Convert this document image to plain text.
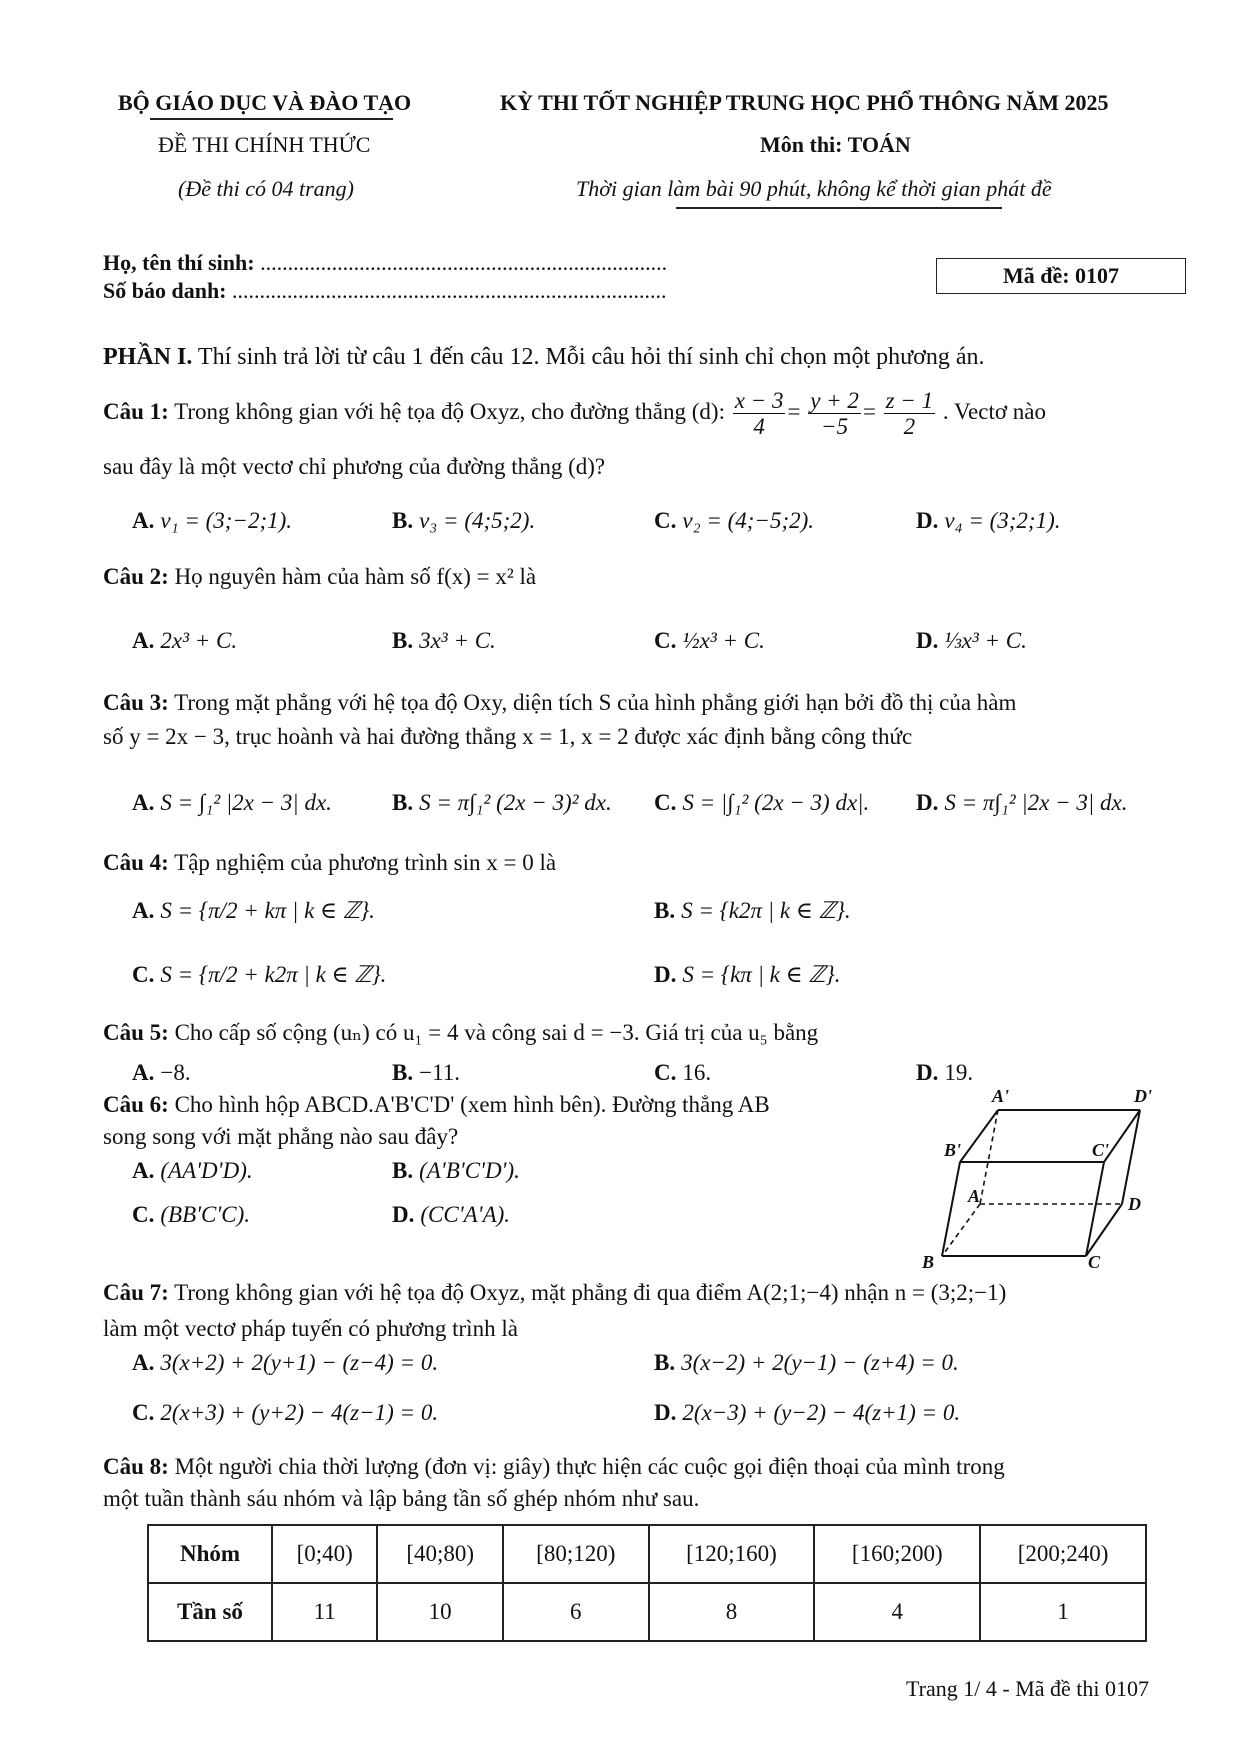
BỘ GIÁO DỤC VÀ ĐÀO TẠO
ĐỀ THI CHÍNH THỨC
(Đề thi có 04 trang)
KỲ THI TỐT NGHIỆP TRUNG HỌC PHỔ THÔNG NĂM 2025
Môn thi: TOÁN
Thời gian làm bài 90 phút, không kể thời gian phát đề
Họ, tên thí sinh: ..........................................................................
Số báo danh: ...............................................................................
Mã đề: 0107
PHẦN I. Thí sinh trả lời từ câu 1 đến câu 12. Mỗi câu hỏi thí sinh chỉ chọn một phương án.
Câu 1: Trong không gian với hệ tọa độ Oxyz, cho đường thẳng (d): $\frac{x - 3}{4} = \frac{y + 2}{-5} = \frac{z - 1}{2}$ . Vectơ nào
sau đây là một vectơ chỉ phương của đường thẳng (d)?
A. v₁ = (3;−2;1).	B. v₃ = (4;5;2).	C. v₂ = (4;−5;2).	D. v₄ = (3;2;1).
Câu 2: Họ nguyên hàm của hàm số f(x) = x² là
A. 2x³ + C.	B. 3x³ + C.	C. ½x³ + C.	D. ⅓x³ + C.
Câu 3: Trong mặt phẳng với hệ tọa độ Oxy, diện tích S của hình phẳng giới hạn bởi đồ thị của hàm
số y = 2x − 3, trục hoành và hai đường thẳng x = 1, x = 2 được xác định bằng công thức
A. S = ∫₁² |2x − 3| dx.	B. S = π∫₁² (2x − 3)² dx. C. S = |∫₁² (2x − 3) dx|. D. S = π∫₁² |2x − 3| dx.
Câu 4: Tập nghiệm của phương trình sin x = 0 là
A. S = {π/2 + kπ | k ∈ ℤ}.	B. S = {k2π | k ∈ ℤ}.
C. S = {π/2 + k2π | k ∈ ℤ}.	D. S = {kπ | k ∈ ℤ}.
Câu 5: Cho cấp số cộng (uₙ) có u₁ = 4 và công sai d = −3. Giá trị của u₅ bằng
A. −8.	B. −11.	C. 16.	D. 19.
Câu 6: Cho hình hộp ABCD.A'B'C'D' (xem hình bên). Đường thẳng AB
song song với mặt phẳng nào sau đây?
A. (AA'D'D).	B. (A'B'C'D').
C. (BB'C'C).	D. (CC'A'A).
A'	D'
B'	C'
A	D
B	C
Câu 7: Trong không gian với hệ tọa độ Oxyz, mặt phẳng đi qua điểm A(2;1;−4) nhận n = (3;2;−1)
làm một vectơ pháp tuyến có phương trình là
A. 3(x+2) + 2(y+1) − (z−4) = 0.	B. 3(x−2) + 2(y−1) − (z+4) = 0.
C. 2(x+3) + (y+2) − 4(z−1) = 0.	D. 2(x−3) + (y−2) − 4(z+1) = 0.
Câu 8: Một người chia thời lượng (đơn vị: giây) thực hiện các cuộc gọi điện thoại của mình trong
một tuần thành sáu nhóm và lập bảng tần số ghép nhóm như sau.
Nhóm	[0;40)	[40;80)	[80;120)	[120;160)	[160;200)	[200;240)
Tần số	11	10	6	8	4	1
Trang 1/ 4 - Mã đề thi 0107
